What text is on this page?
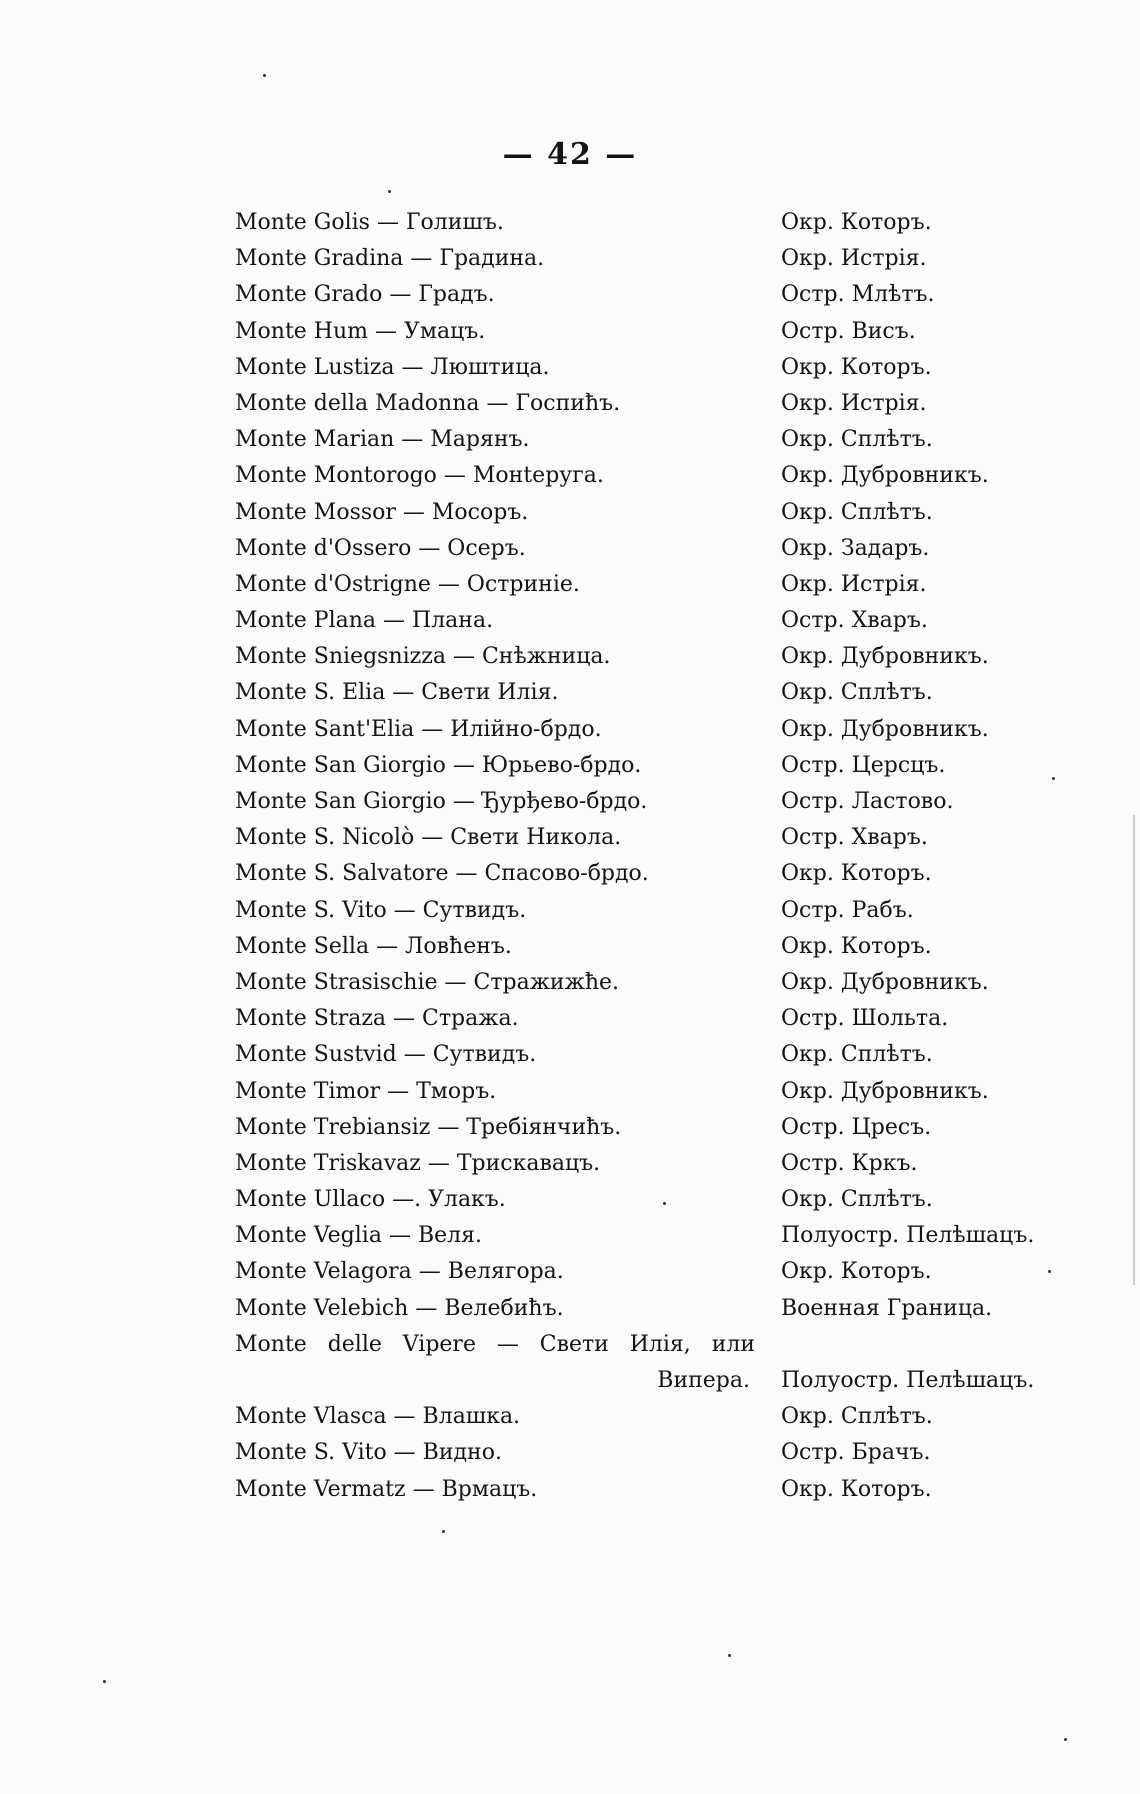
— 42 —
Monte Golis — Голишъ.	Окр. Которъ.
Monte Gradina — Градина.	Окр. Истрія.
Monte Grado — Градъ.	Остр. Млѣтъ.
Monte Hum — Умацъ.	Остр. Висъ.
Monte Lustiza — Люштица.	Окр. Которъ.
Monte della Madonna — Госпиħъ.	Окр. Истрія.
Monte Marian — Марянъ.	Окр. Сплѣтъ.
Monte Montorogo — Монteруга.	Окр. Дубровникъ.
Monte Mossor — Мосоръ.	Окр. Сплѣтъ.
Monte d'Ossero — Осеръ.	Окр. Задаръ.
Monte d'Ostrigne — Остриніе.	Окр. Истрія.
Monte Plana — Плана.	Остр. Хваръ.
Monte Sniegsnizza — Снѣжница.	Окр. Дубровникъ.
Monte S. Elia — Свети Илія.	Окр. Сплѣтъ.
Monte Sant'Elia — Илійно-брдо.	Окр. Дубровникъ.
Monte San Giorgio — Юрьево-брдо.	Остр. Церсцъ.
Monte San Giorgio — Ђурђево-брдо.	Остр. Ластово.
Monte S. Nicolò — Свети Никола.	Остр. Хваръ.
Monte S. Salvatore — Спасово-брдо.	Окр. Которъ.
Monte S. Vito — Сутвидъ.	Остр. Рабъ.
Monte Sella — Ловħенъ.	Окр. Которъ.
Monte Strasischie — Стражижħе.	Окр. Дубровникъ.
Monte Straza — Стража.	Остр. Шольта.
Monte Sustvid — Сутвидъ.	Окр. Сплѣтъ.
Monte Timor — Тморъ.	Окр. Дубровникъ.
Monte Trebiansiz — Требіянчиħъ.	Остр. Цресъ.
Monte Triskavaz — Трискавацъ.	Остр. Кркъ.
Monte Ullaco —. Улакъ.	Окр. Сплѣтъ.
Monte Veglia — Веля.	Полуостр. Пелѣшацъ.
Monte Velagora — Велягора.	Окр. Которъ.
Monte Velebich — Велебиħъ.	Военная Граница.
Monte delle Vipere — Свети Илія, или
Випера. Полуостр. Пелѣшацъ.
Monte Vlasca — Влашка.	Окр. Сплѣтъ.
Monte S. Vito — Видно.	Остр. Брачъ.
Monte Vermatz — Врмацъ.	Окр. Которъ.
